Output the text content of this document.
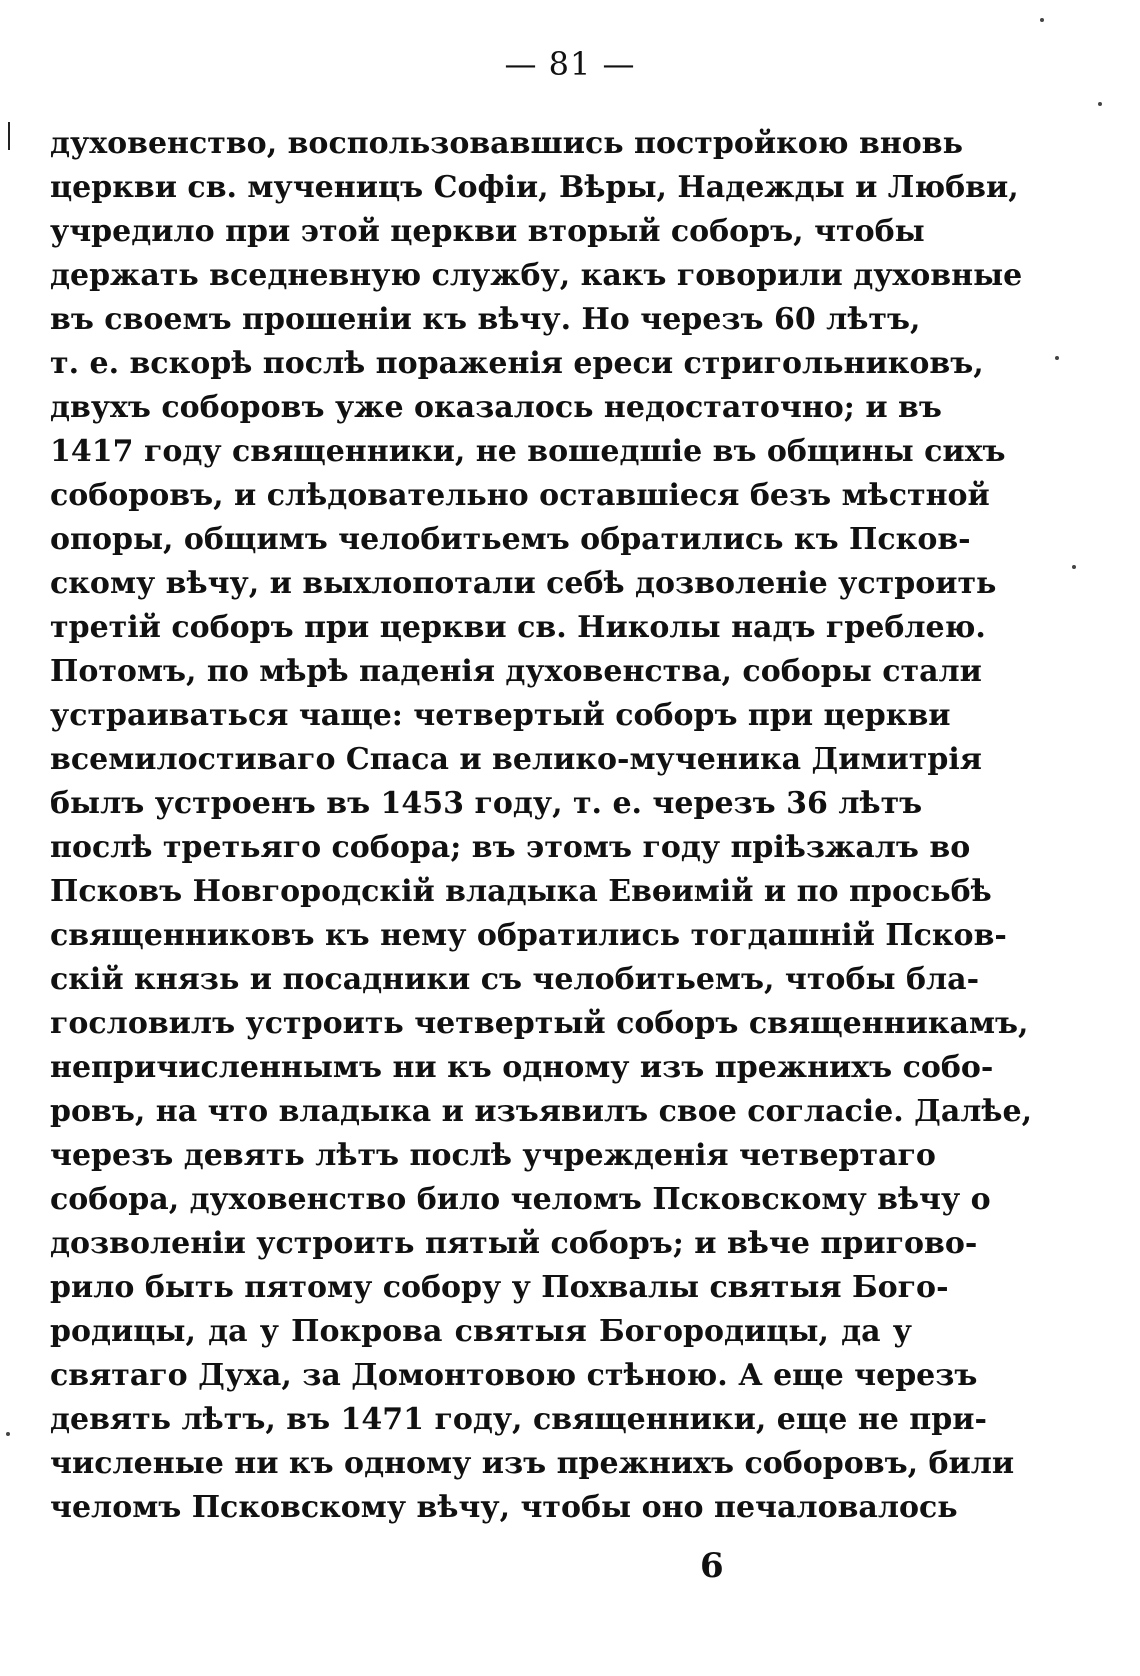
— 81 —
духовенство, воспользовавшись постройкою вновь
церкви св. мученицъ Софіи, Вѣры, Надежды и Любви,
учредило при этой церкви вторый соборъ, чтобы
держать вседневную службу, какъ говорили духовные
въ своемъ прошеніи къ вѣчу. Но черезъ 60 лѣтъ,
т. е. вскорѣ послѣ пораженія ереси стригольниковъ,
двухъ соборовъ уже оказалось недостаточно; и въ
1417 году священники, не вошедшіе въ общины сихъ
соборовъ, и слѣдовательно оставшіеся безъ мѣстной
опоры, общимъ челобитьемъ обратились къ Псков-
скому вѣчу, и выхлопотали себѣ дозволеніе устроить
третій соборъ при церкви св. Николы надъ греблею.
Потомъ, по мѣрѣ паденія духовенства, соборы стали
устраиваться чаще: четвертый соборъ при церкви
всемилостиваго Спаса и велико-мученика Димитрія
былъ устроенъ въ 1453 году, т. е. черезъ 36 лѣтъ
послѣ третьяго собора; въ этомъ году пріѣзжалъ во
Псковъ Новгородскій владыка Евѳимій и по просьбѣ
священниковъ къ нему обратились тогдашній Псков-
скій князь и посадники съ челобитьемъ, чтобы бла-
гословилъ устроить четвертый соборъ священникамъ,
непричисленнымъ ни къ одному изъ прежнихъ собо-
ровъ, на что владыка и изъявилъ свое согласіе. Далѣе,
черезъ девять лѣтъ послѣ учрежденія четвертаго
собора, духовенство било челомъ Псковскому вѣчу о
дозволеніи устроить пятый соборъ; и вѣче пригово-
рило быть пятому собору у Похвалы святыя Бого-
родицы, да у Покрова святыя Богородицы, да у
святаго Духа, за Домонтовою стѣною. А еще черезъ
девять лѣтъ, въ 1471 году, священники, еще не при-
численые ни къ одному изъ прежнихъ соборовъ, били
челомъ Псковскому вѣчу, чтобы оно печаловалось
6
